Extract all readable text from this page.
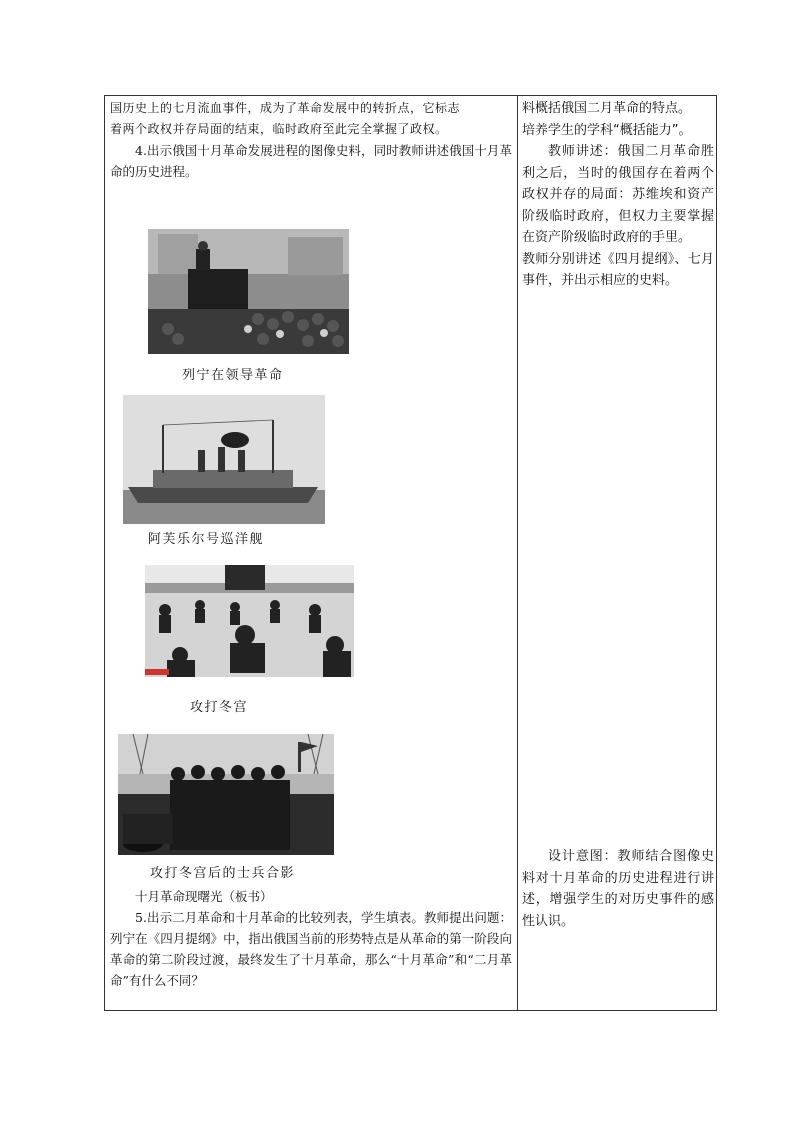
国历史上的七月流血事件，成为了革命发展中的转折点，它标志

着两个政权并存局面的结束，临时政府至此完全掌握了政权。

4.出示俄国十月革命发展进程的图像史料，同时教师讲述俄国十月革命的历史进程。

列宁在领导革命
阿芙乐尔号巡洋舰
攻打冬宫
攻打冬宫后的士兵合影

十月革命现曙光（板书）

5.出示二月革命和十月革命的比较列表，学生填表。教师提出问题：列宁在《四月提纲》中，指出俄国当前的形势特点是从革命的第一阶段向革命的第二阶段过渡，最终发生了十月革命，那么“十月革命”和“二月革命”有什么不同？

料概括俄国二月革命的特点。

培养学生的学科“概括能力”。

教师讲述：俄国二月革命胜利之后，当时的俄国存在着两个政权并存的局面：苏维埃和资产阶级临时政府，但权力主要掌握在资产阶级临时政府的手里。

教师分别讲述《四月提纲》、七月事件，并出示相应的史料。

设计意图：教师结合图像史料对十月革命的历史进程进行讲述，增强学生的对历史事件的感性认识。
